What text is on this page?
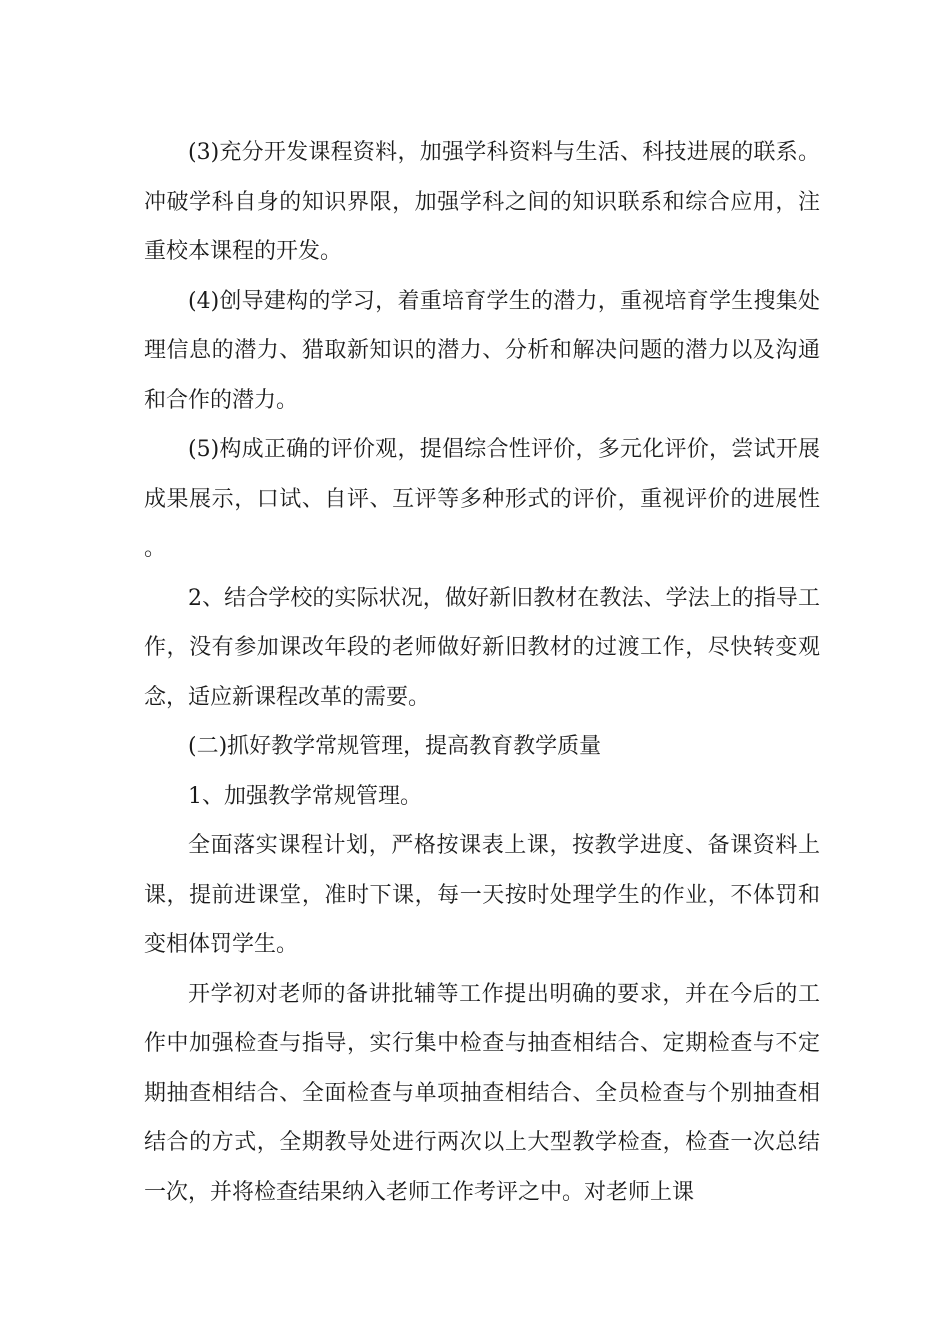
(3)充分开发课程资料，加强学科资料与生活、科技进展的联系。冲破学科自身的知识界限，加强学科之间的知识联系和综合应用，注重校本课程的开发。

(4)创导建构的学习，着重培育学生的潜力，重视培育学生搜集处理信息的潜力、猎取新知识的潜力、分析和解决问题的潜力以及沟通和合作的潜力。

(5)构成正确的评价观，提倡综合性评价，多元化评价，尝试开展成果展示，口试、自评、互评等多种形式的评价，重视评价的进展性。

2、结合学校的实际状况，做好新旧教材在教法、学法上的指导工作，没有参加课改年段的老师做好新旧教材的过渡工作，尽快转变观念，适应新课程改革的需要。

(二)抓好教学常规管理，提高教育教学质量

1、加强教学常规管理。

全面落实课程计划，严格按课表上课，按教学进度、备课资料上课，提前进课堂，准时下课，每一天按时处理学生的作业，不体罚和变相体罚学生。

开学初对老师的备讲批辅等工作提出明确的要求，并在今后的工作中加强检查与指导，实行集中检查与抽查相结合、定期检查与不定期抽查相结合、全面检查与单项抽查相结合、全员检查与个别抽查相结合的方式，全期教导处进行两次以上大型教学检查，检查一次总结一次，并将检查结果纳入老师工作考评之中。对老师上课
